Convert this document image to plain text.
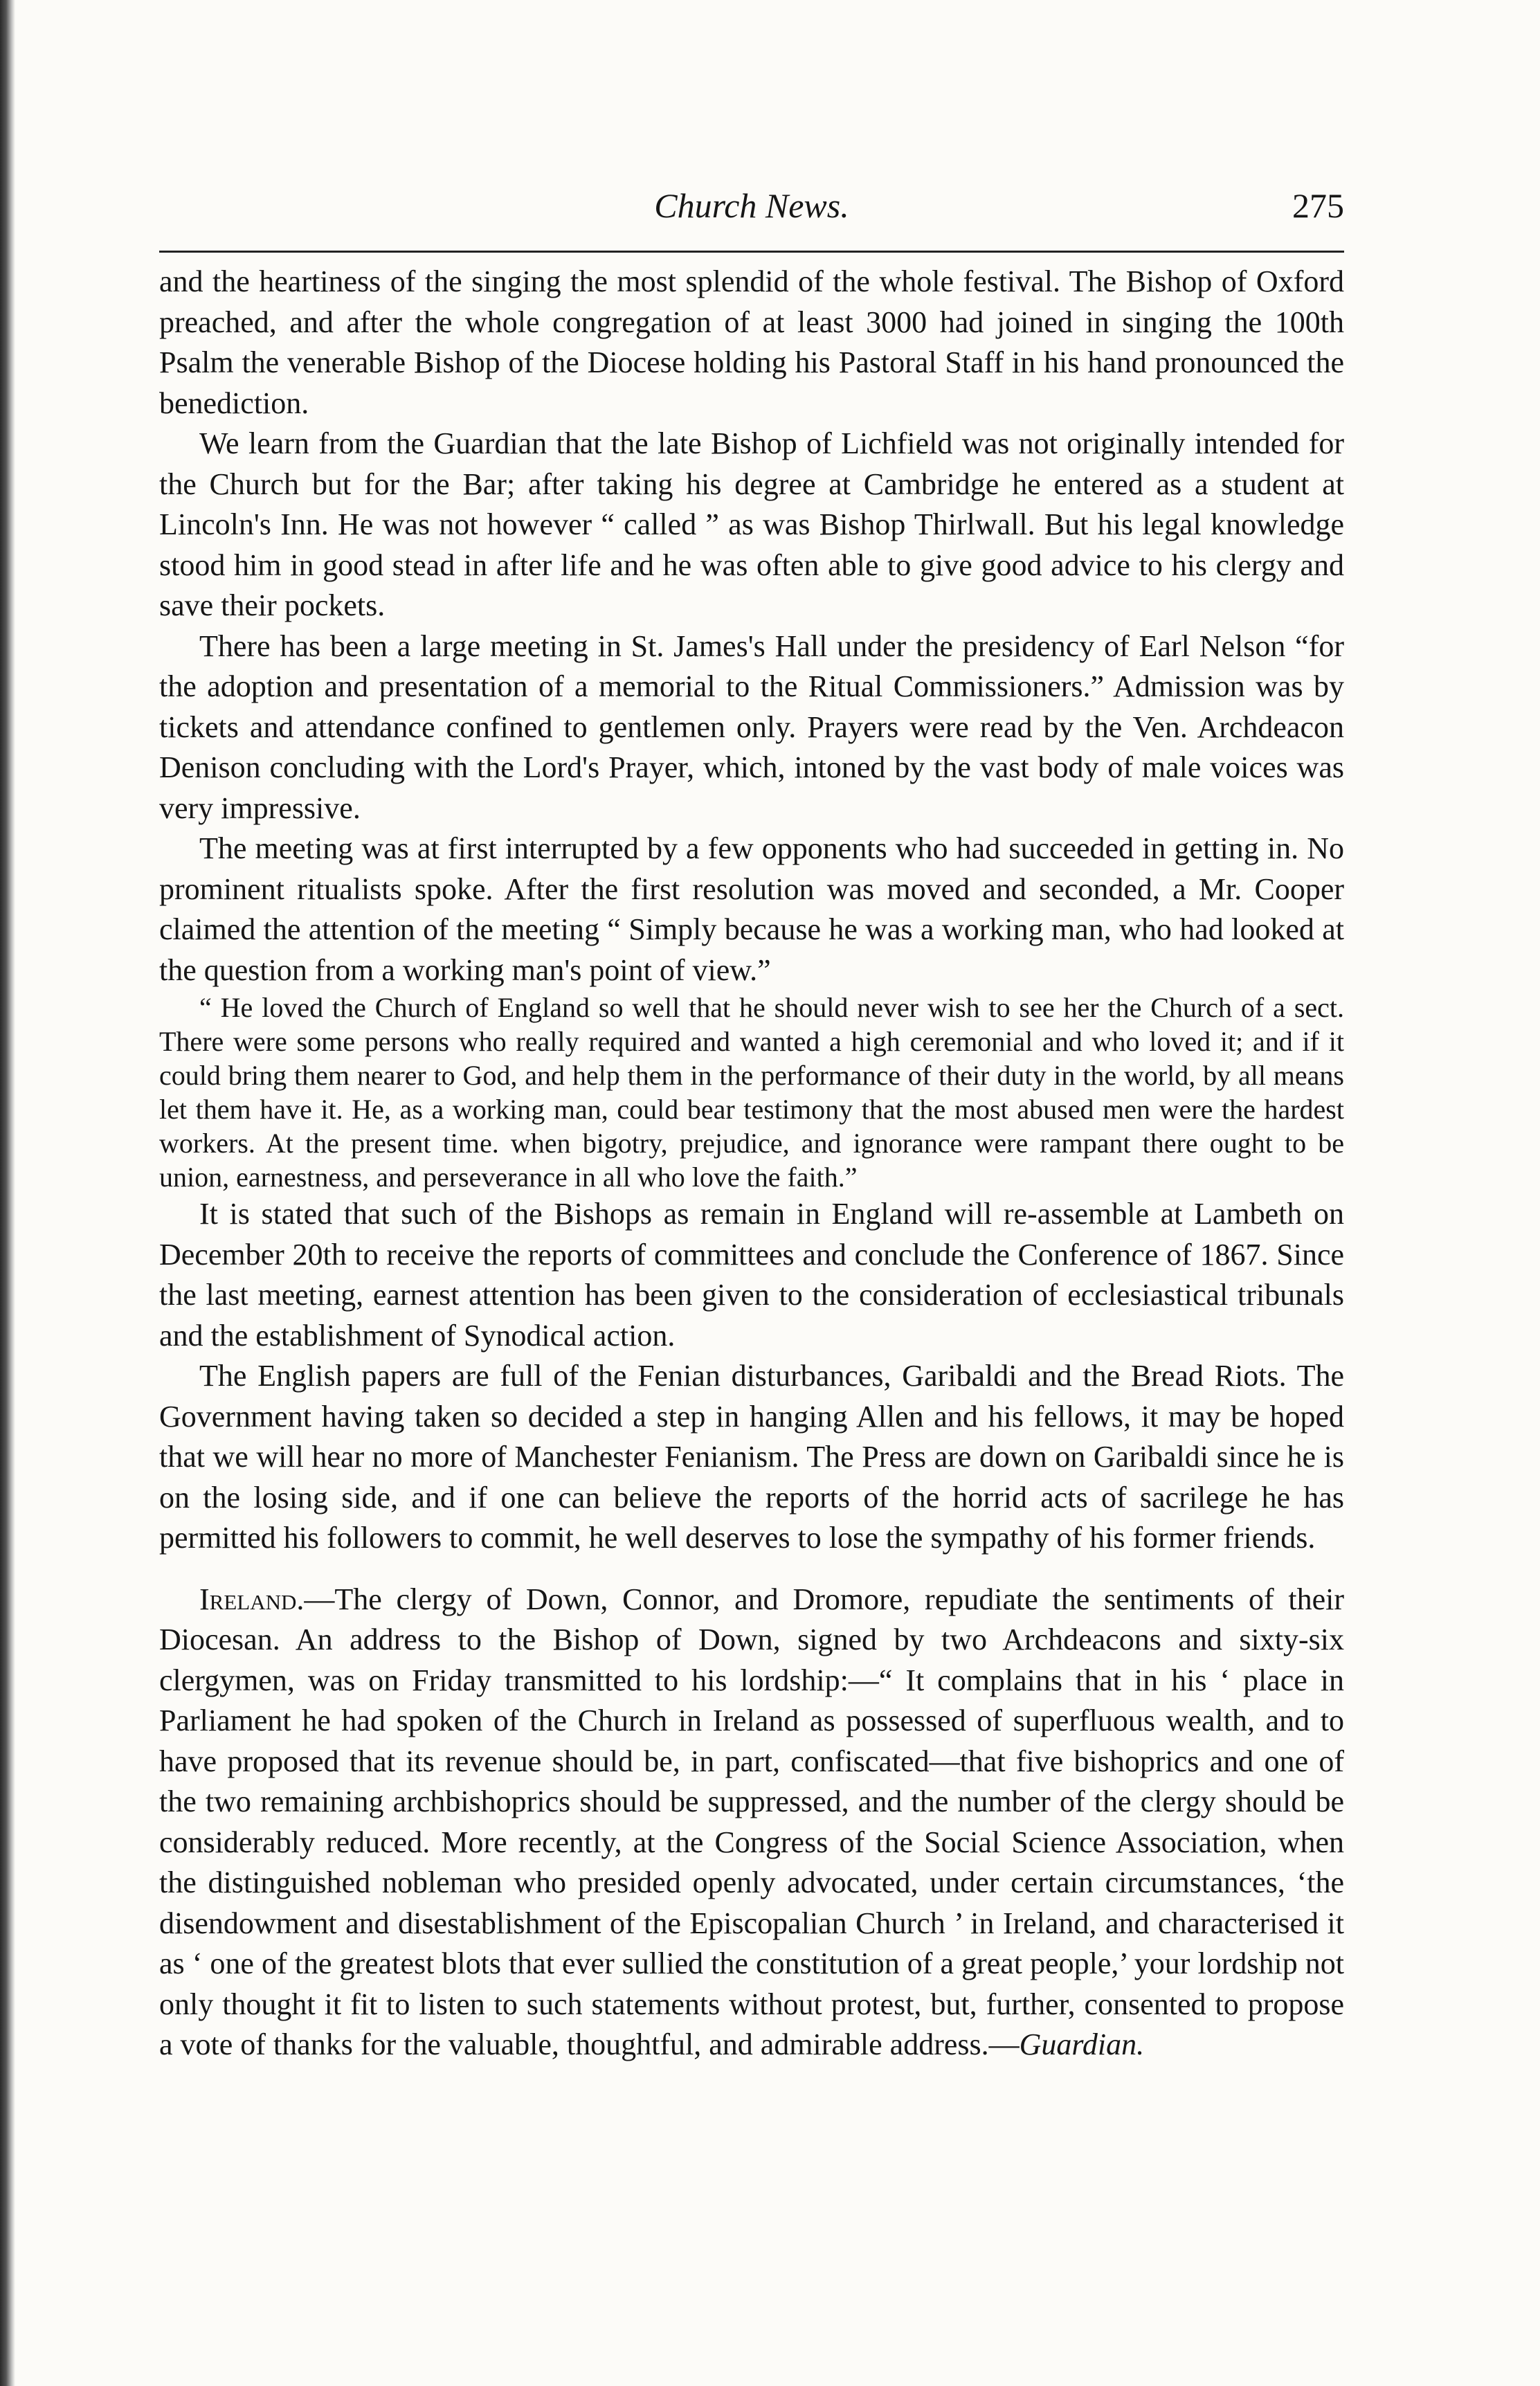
Church News.	275

and the heartiness of the singing the most splendid of the whole festival. The Bishop of Oxford preached, and after the whole congregation of at least 3000 had joined in singing the 100th Psalm the venerable Bishop of the Diocese holding his Pastoral Staff in his hand pronounced the benediction.

We learn from the Guardian that the late Bishop of Lichfield was not originally intended for the Church but for the Bar; after taking his degree at Cambridge he entered as a student at Lincoln's Inn. He was not however “ called ” as was Bishop Thirlwall. But his legal knowledge stood him in good stead in after life and he was often able to give good advice to his clergy and save their pockets.

There has been a large meeting in St. James's Hall under the presidency of Earl Nelson “for the adoption and presentation of a memorial to the Ritual Commissioners.” Admission was by tickets and attendance confined to gentlemen only. Prayers were read by the Ven. Archdeacon Denison concluding with the Lord's Prayer, which, intoned by the vast body of male voices was very impressive.

The meeting was at first interrupted by a few opponents who had succeeded in getting in. No prominent ritualists spoke. After the first resolution was moved and seconded, a Mr. Cooper claimed the attention of the meeting “ Simply because he was a working man, who had looked at the question from a working man's point of view.”

“ He loved the Church of England so well that he should never wish to see her the Church of a sect. There were some persons who really required and wanted a high ceremonial and who loved it; and if it could bring them nearer to God, and help them in the performance of their duty in the world, by all means let them have it. He, as a working man, could bear testimony that the most abused men were the hardest workers. At the present time. when bigotry, prejudice, and ignorance were rampant there ought to be union, earnestness, and perseverance in all who love the faith.”

It is stated that such of the Bishops as remain in England will re-assemble at Lambeth on December 20th to receive the reports of committees and conclude the Conference of 1867. Since the last meeting, earnest attention has been given to the consideration of ecclesiastical tribunals and the establishment of Synodical action.

The English papers are full of the Fenian disturbances, Garibaldi and the Bread Riots. The Government having taken so decided a step in hanging Allen and his fellows, it may be hoped that we will hear no more of Manchester Fenianism. The Press are down on Garibaldi since he is on the losing side, and if one can believe the reports of the horrid acts of sacrilege he has permitted his followers to commit, he well deserves to lose the sympathy of his former friends.

Ireland.—The clergy of Down, Connor, and Dromore, repudiate the sentiments of their Diocesan. An address to the Bishop of Down, signed by two Archdeacons and sixty-six clergymen, was on Friday transmitted to his lordship:—“ It complains that in his ‘ place in Parliament he had spoken of the Church in Ireland as possessed of superfluous wealth, and to have proposed that its revenue should be, in part, confiscated—that five bishoprics and one of the two remaining archbishoprics should be suppressed, and the number of the clergy should be considerably reduced. More recently, at the Congress of the Social Science Association, when the distinguished nobleman who presided openly advocated, under certain circumstances, ‘the disendowment and disestablishment of the Episcopalian Church ’ in Ireland, and characterised it as ‘ one of the greatest blots that ever sullied the constitution of a great people,’ your lordship not only thought it fit to listen to such statements without protest, but, further, consented to propose a vote of thanks for the valuable, thoughtful, and admirable address.—Guardian.
